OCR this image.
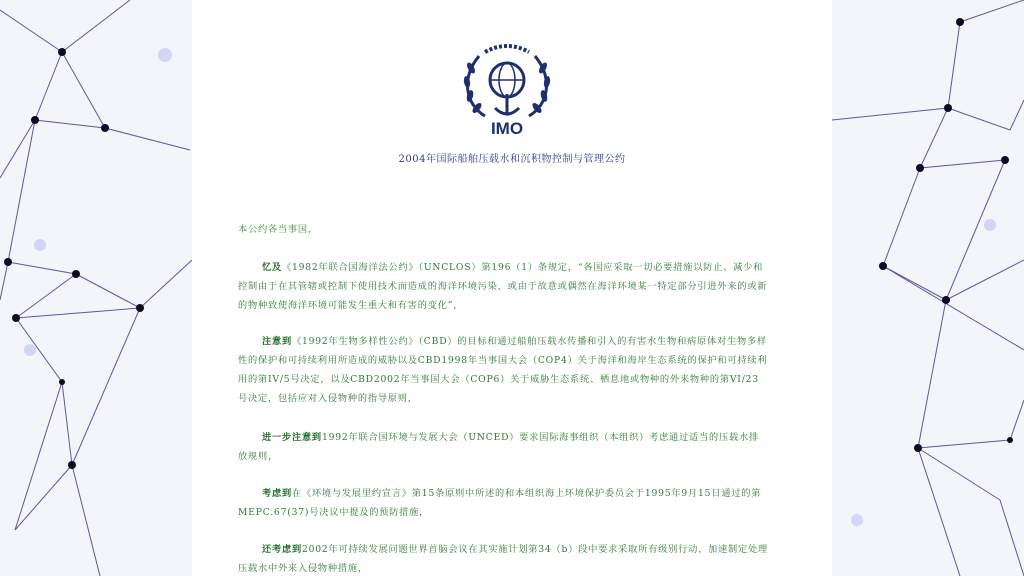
IMO
2004年国际船舶压载水和沉积物控制与管理公约
本公约各当事国，
忆及《1982年联合国海洋法公约》（UNCLOS）第196（1）条规定，“各国应采取一切必要措施以防止、减少和控制由于在其管辖或控制下使用技术而造成的海洋环境污染，或由于故意或偶然在海洋环境某一特定部分引进外来的或新的物种致使海洋环境可能发生重大和有害的变化”，
注意到《1992年生物多样性公约》（CBD）的目标和通过船舶压载水传播和引入的有害水生物和病原体对生物多样性的保护和可持续利用所造成的威胁以及CBD1998年当事国大会（COP4）关于海洋和海岸生态系统的保护和可持续利用的第IV/5号决定，以及CBD2002年当事国大会（COP6）关于威胁生态系统、栖息地或物种的外来物种的第VI/23号决定，包括应对入侵物种的指导原则，
进一步注意到1992年联合国环境与发展大会（UNCED）要求国际海事组织（本组织）考虑通过适当的压载水排放规则，
考虑到在《环境与发展里约宣言》第15条原则中所述的和本组织海上环境保护委员会于1995年9月15日通过的第MEPC.67(37)号决议中提及的预防措施，
还考虑到2002年可持续发展问题世界首脑会议在其实施计划第34（b）段中要求采取所有级别行动、加速制定处理压载水中外来入侵物种措施，
